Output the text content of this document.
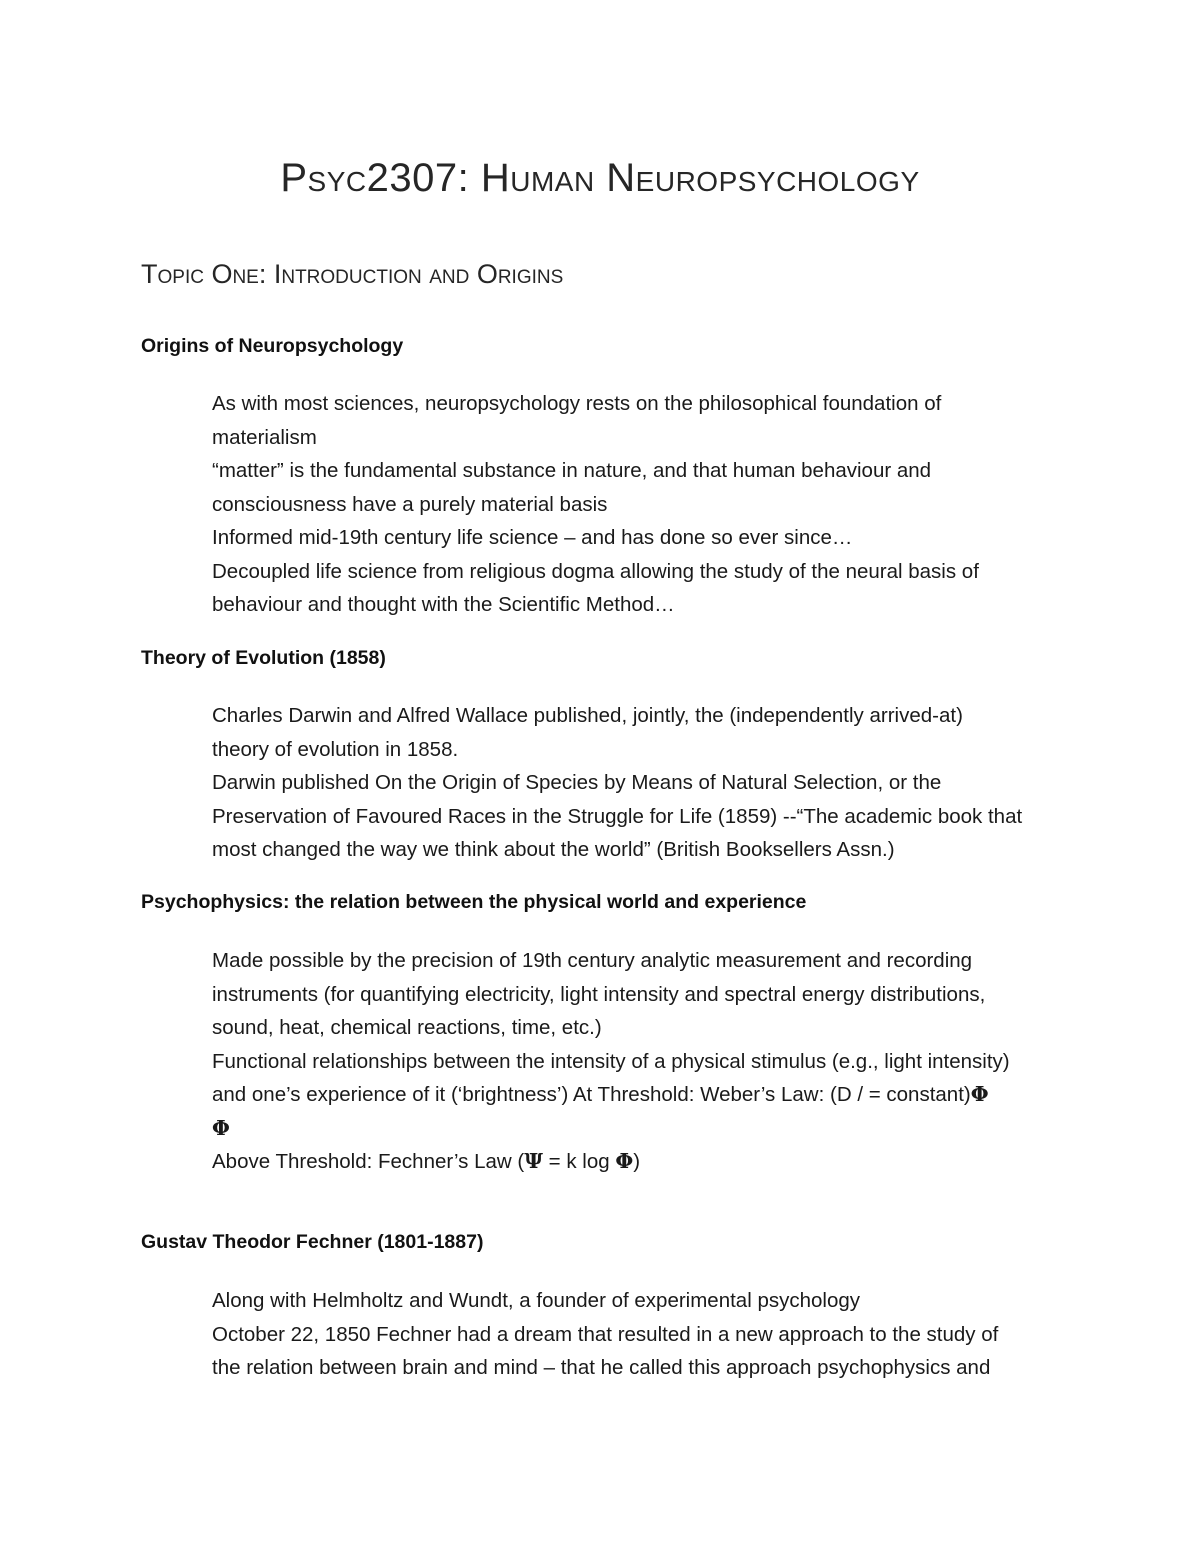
Psyc2307: Human Neuropsychology
Topic One: Introduction and Origins
Origins of Neuropsychology
As with most sciences, neuropsychology rests on the philosophical foundation of
materialism
“matter” is the fundamental substance in nature, and that human behaviour and
consciousness have a purely material basis
Informed mid-19th century life science – and has done so ever since…
Decoupled life science from religious dogma allowing the study of the neural basis of
behaviour and thought with the Scientific Method…
Theory of Evolution (1858)
Charles Darwin and Alfred Wallace published, jointly, the (independently arrived-at)
theory of evolution in 1858.
Darwin published On the Origin of Species by Means of Natural Selection, or the
Preservation of Favoured Races in the Struggle for Life (1859) --“The academic book that
most changed the way we think about the world” (British Booksellers Assn.)
Psychophysics: the relation between the physical world and experience
Made possible by the precision of 19th century analytic measurement and recording
instruments (for quantifying electricity, light intensity and spectral energy distributions,
sound, heat, chemical reactions, time, etc.)
Functional relationships between the intensity of a physical stimulus (e.g., light intensity)
and one’s experience of it (‘brightness’) At Threshold: Weber’s Law: (D / = constant)Φ
Φ
Above Threshold: Fechner’s Law (Ψ = k log Φ)
Gustav Theodor Fechner (1801-1887)
Along with Helmholtz and Wundt, a founder of experimental psychology
October 22, 1850 Fechner had a dream that resulted in a new approach to the study of
the relation between brain and mind – that he called this approach psychophysics and
